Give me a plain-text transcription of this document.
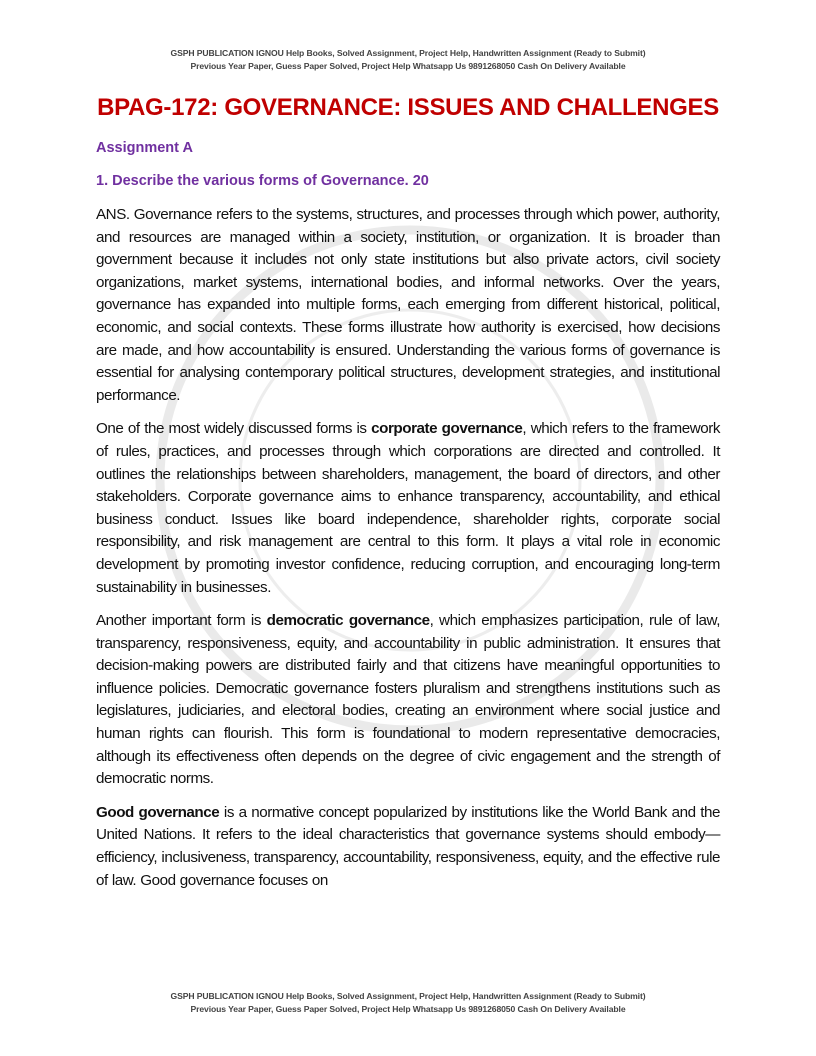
GSPH PUBLICATION IGNOU Help Books, Solved Assignment, Project Help, Handwritten Assignment (Ready to Submit)
Previous Year Paper, Guess Paper Solved, Project Help Whatsapp Us 9891268050 Cash On Delivery Available
BPAG-172: GOVERNANCE: ISSUES AND CHALLENGES
Assignment A
1. Describe the various forms of Governance. 20

ANS. Governance refers to the systems, structures, and processes through which power, authority, and resources are managed within a society, institution, or organization. It is broader than government because it includes not only state institutions but also private actors, civil society organizations, market systems, international bodies, and informal networks. Over the years, governance has expanded into multiple forms, each emerging from different historical, political, economic, and social contexts. These forms illustrate how authority is exercised, how decisions are made, and how accountability is ensured. Understanding the various forms of governance is essential for analysing contemporary political structures, development strategies, and institutional performance.

One of the most widely discussed forms is corporate governance, which refers to the framework of rules, practices, and processes through which corporations are directed and controlled. It outlines the relationships between shareholders, management, the board of directors, and other stakeholders. Corporate governance aims to enhance transparency, accountability, and ethical business conduct. Issues like board independence, shareholder rights, corporate social responsibility, and risk management are central to this form. It plays a vital role in economic development by promoting investor confidence, reducing corruption, and encouraging long-term sustainability in businesses.

Another important form is democratic governance, which emphasizes participation, rule of law, transparency, responsiveness, equity, and accountability in public administration. It ensures that decision-making powers are distributed fairly and that citizens have meaningful opportunities to influence policies. Democratic governance fosters pluralism and strengthens institutions such as legislatures, judiciaries, and electoral bodies, creating an environment where social justice and human rights can flourish. This form is foundational to modern representative democracies, although its effectiveness often depends on the degree of civic engagement and the strength of democratic norms.

Good governance is a normative concept popularized by institutions like the World Bank and the United Nations. It refers to the ideal characteristics that governance systems should embody—efficiency, inclusiveness, transparency, accountability, responsiveness, equity, and the effective rule of law. Good governance focuses on

GSPH PUBLICATION IGNOU Help Books, Solved Assignment, Project Help, Handwritten Assignment (Ready to Submit)
Previous Year Paper, Guess Paper Solved, Project Help Whatsapp Us 9891268050 Cash On Delivery Available
